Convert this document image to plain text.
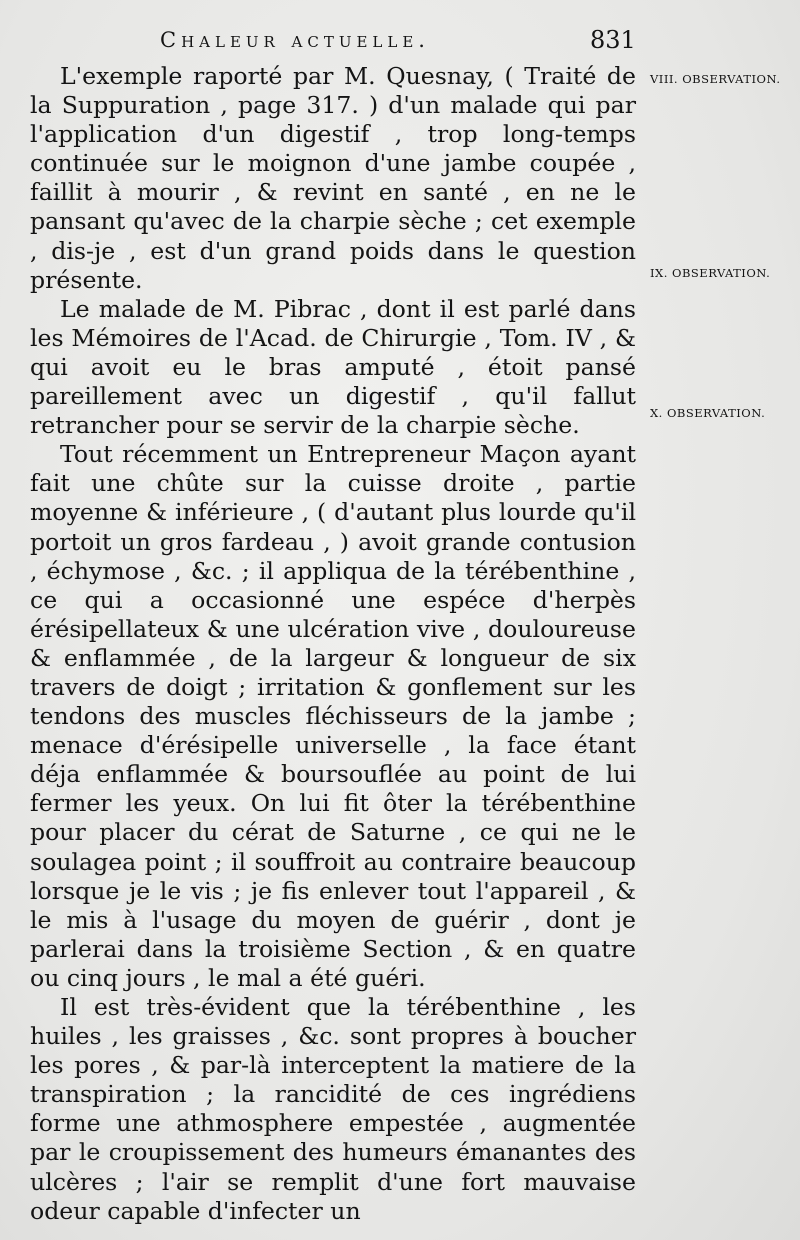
Chaleur actuelle.	831

L'exemple raporté par M. Quesnay, ( Traité de la Suppuration , page 317. ) d'un malade qui par l'application d'un digestif , trop long-temps continuée sur le moignon d'une jambe coupée , faillit à mourir , & revint en santé , en ne le pansant qu'avec de la charpie sèche ; cet exemple , dis-je , est d'un grand poids dans le question présente.

Le malade de M. Pibrac , dont il est parlé dans les Mémoires de l'Acad. de Chirurgie , Tom. IV , & qui avoit eu le bras amputé , étoit pansé pareillement avec un digestif , qu'il fallut retrancher pour se servir de la charpie sèche.

Tout récemment un Entrepreneur Maçon ayant fait une chûte sur la cuisse droite , partie moyenne & inférieure , ( d'autant plus lourde qu'il portoit un gros fardeau , ) avoit grande contusion , échymose , &c. ; il appliqua de la térébenthine , ce qui a occasionné une espéce d'herpès érésipellateux & une ulcération vive , douloureuse & enflammée , de la largeur & longueur de six travers de doigt ; irritation & gonflement sur les tendons des muscles fléchisseurs de la jambe ; menace d'érésipelle universelle , la face étant déja enflammée & boursouflée au point de lui fermer les yeux. On lui fit ôter la térébenthine pour placer du cérat de Saturne , ce qui ne le soulagea point ; il souffroit au contraire beaucoup lorsque je le vis ; je fis enlever tout l'appareil , & le mis à l'usage du moyen de guérir , dont je parlerai dans la troisième Section , & en quatre ou cinq jours , le mal a été guéri.

Il est très-évident que la térébenthine , les huiles , les graisses , &c. sont propres à boucher les pores , & par-là interceptent la matiere de la transpiration ; la rancidité de ces ingrédiens forme une athmosphere empestée , augmentée par le croupissement des humeurs émanantes des ulcères ; l'air se remplit d'une fort mauvaise odeur capable d'infecter un

VIII. OBSERVATION.
IX. OBSERVATION.
X. OBSERVATION.
